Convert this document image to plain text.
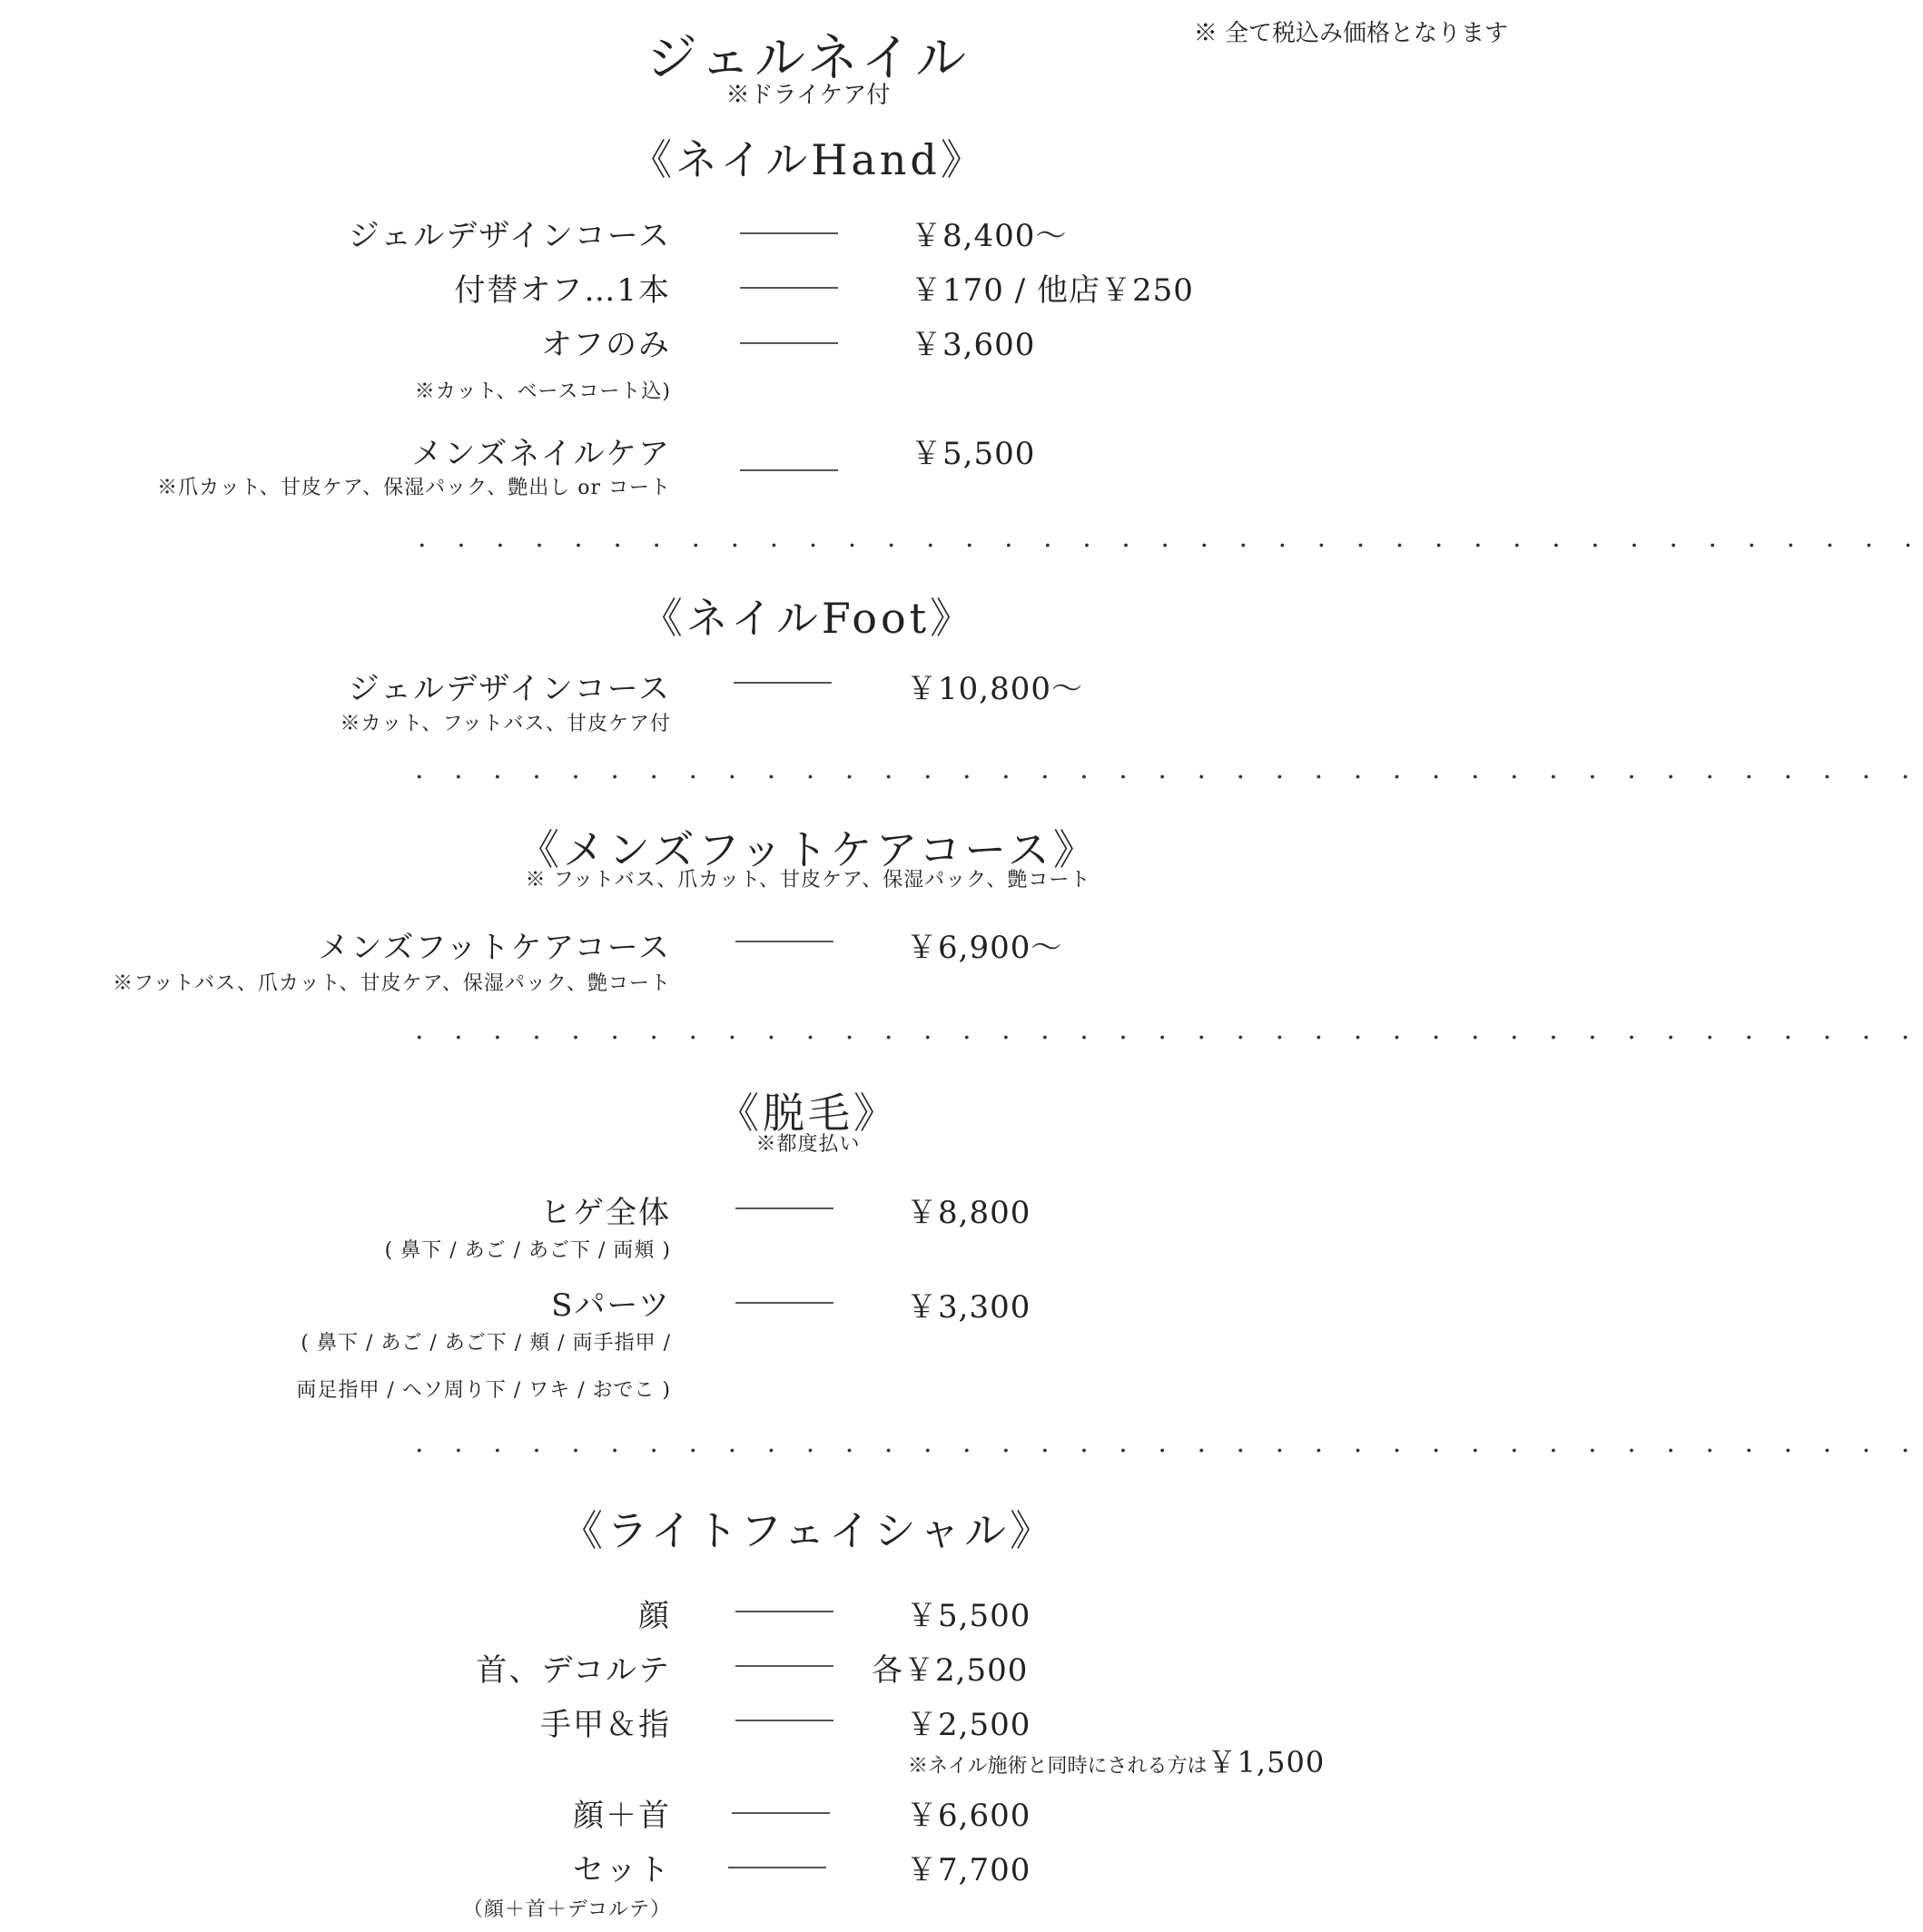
ジェルネイル
※ドライケア付
※ 全て税込み価格となります
《ネイルHand》
ジェルデザインコース	￥8,400〜
付替オフ…1本	￥170 / 他店￥250
オフのみ	￥3,600
※カット、ベースコート込)
メンズネイルケア	￥5,500
※爪カット、甘皮ケア、保湿パック、艶出し or コート
. . . . . . . . . . . . . . . . . . . . . . . . . . . . . . . . . . . . . . .
《ネイルFoot》
ジェルデザインコース	￥10,800〜
※カット、フットバス、甘皮ケア付
. . . . . . . . . . . . . . . . . . . . . . . . . . . . . . . . . . . . . . .
《メンズフットケアコース》
※ フットバス、爪カット、甘皮ケア、保湿パック、艶コート
メンズフットケアコース	￥6,900〜
※フットバス、爪カット、甘皮ケア、保湿パック、艶コート
. . . . . . . . . . . . . . . . . . . . . . . . . . . . . . . . . . . . . . .
《脱毛》
※都度払い
ヒゲ全体	￥8,800
( 鼻下 / あご / あご下 / 両頬 )
Sパーツ	￥3,300
( 鼻下 / あご / あご下 / 頬 / 両手指甲 /
両足指甲 / ヘソ周り下 / ワキ / おでこ )
. . . . . . . . . . . . . . . . . . . . . . . . . . . . . . . . . . . . . . .
《ライトフェイシャル》
顔	￥5,500
首、デコルテ	各￥2,500
手甲＆指	￥2,500
※ネイル施術と同時にされる方は￥1,500
顔＋首	￥6,600
セット	￥7,700
（顔＋首＋デコルテ）
